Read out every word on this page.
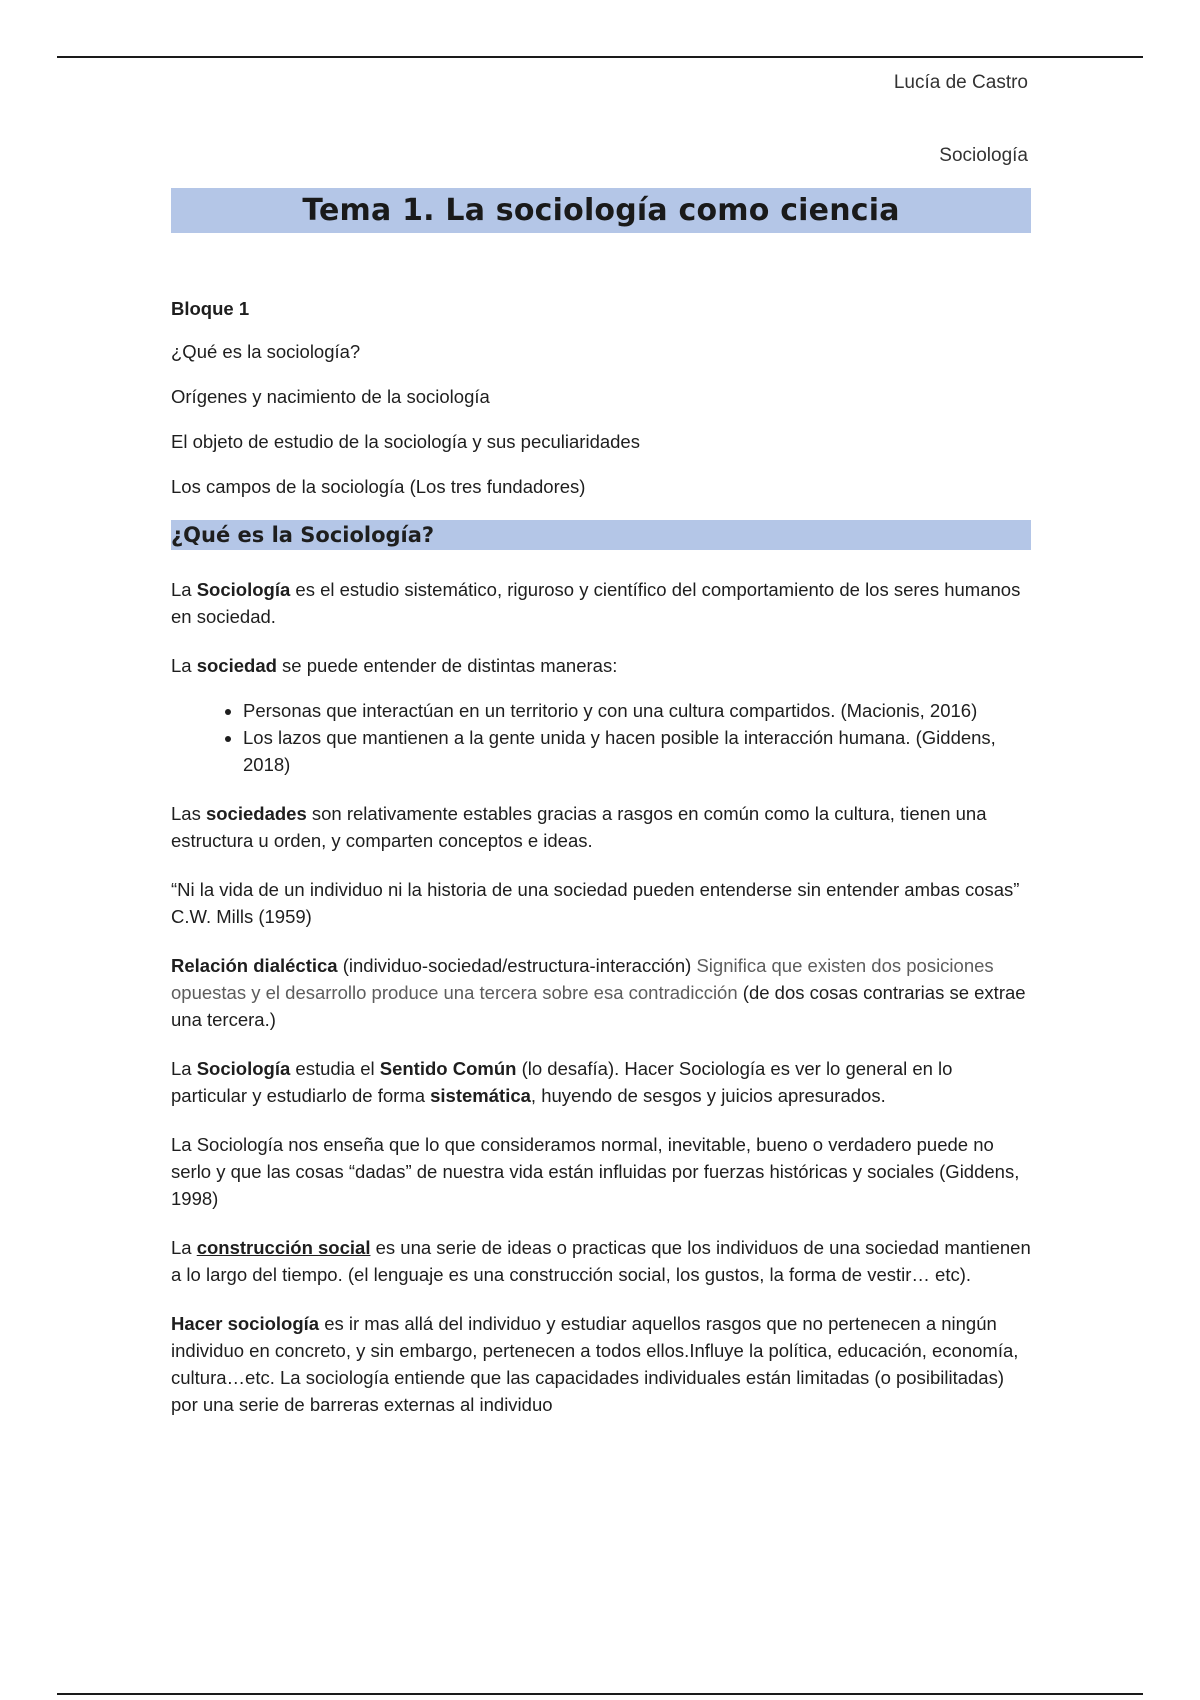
Lucía de Castro
Sociología
Tema 1. La sociología como ciencia
Bloque 1
¿Qué es la sociología?
Orígenes y nacimiento de la sociología
El objeto de estudio de la sociología y sus peculiaridades
Los campos de la sociología (Los tres fundadores)
¿Qué es la Sociología?

La Sociología es el estudio sistemático, riguroso y científico del comportamiento de los seres humanos en sociedad.

La sociedad se puede entender de distintas maneras:

• Personas que interactúan en un territorio y con una cultura compartidos. (Macionis, 2016)
• Los lazos que mantienen a la gente unida y hacen posible la interacción humana. (Giddens, 2018)

Las sociedades son relativamente estables gracias a rasgos en común como la cultura, tienen una estructura u orden, y comparten conceptos e ideas.

“Ni la vida de un individuo ni la historia de una sociedad pueden entenderse sin entender ambas cosas” C.W. Mills (1959)

Relación dialéctica (individuo-sociedad/estructura-interacción) Significa que existen dos posiciones opuestas y el desarrollo produce una tercera sobre esa contradicción (de dos cosas contrarias se extrae una tercera.)

La Sociología estudia el Sentido Común (lo desafía). Hacer Sociología es ver lo general en lo particular y estudiarlo de forma sistemática, huyendo de sesgos y juicios apresurados.

La Sociología nos enseña que lo que consideramos normal, inevitable, bueno o verdadero puede no serlo y que las cosas “dadas” de nuestra vida están influidas por fuerzas históricas y sociales (Giddens, 1998)

La construcción social es una serie de ideas o practicas que los individuos de una sociedad mantienen a lo largo del tiempo. (el lenguaje es una construcción social, los gustos, la forma de vestir… etc).

Hacer sociología es ir mas allá del individuo y estudiar aquellos rasgos que no pertenecen a ningún individuo en concreto, y sin embargo, pertenecen a todos ellos.Influye la política, educación, economía, cultura…etc. La sociología entiende que las capacidades individuales están limitadas (o posibilitadas) por una serie de barreras externas al individuo
